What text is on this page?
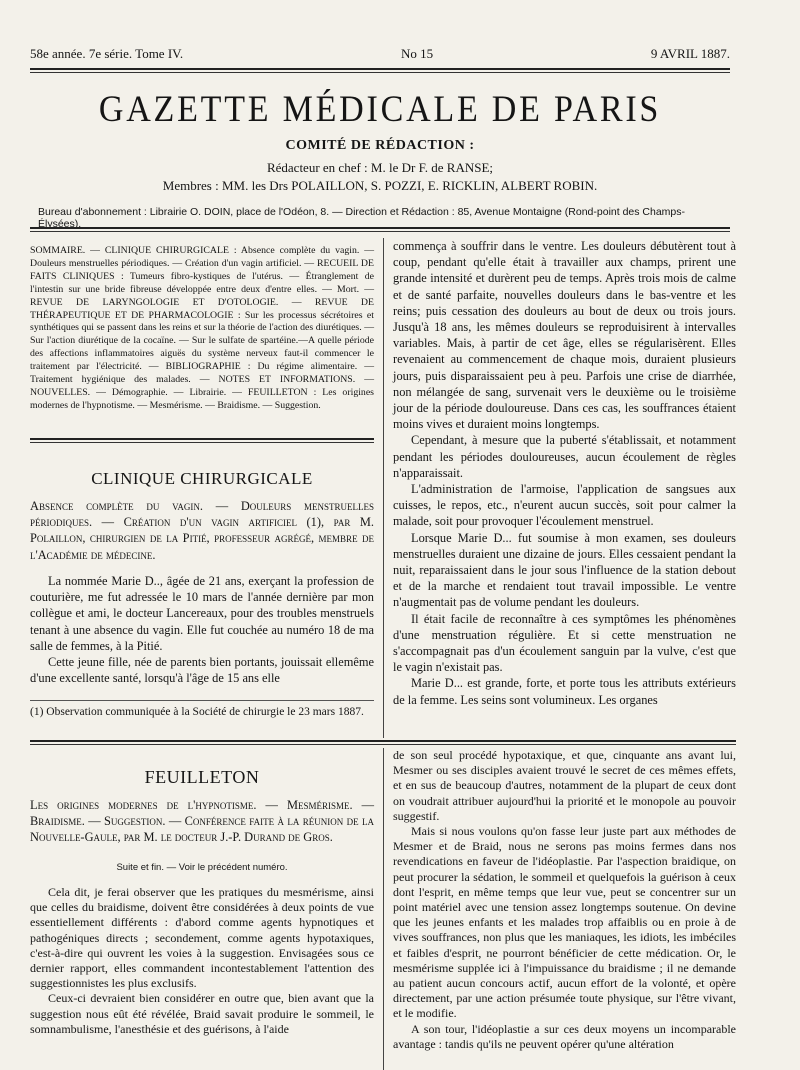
58e année. 7e série. Tome IV.	No 15	9 AVRIL 1887.
GAZETTE MÉDICALE DE PARIS
COMITÉ DE RÉDACTION :
Rédacteur en chef : M. le Dr F. de RANSE;
Membres : MM. les Drs POLAILLON, S. POZZI, E. RICKLIN, ALBERT ROBIN.
Bureau d'abonnement : Librairie O. DOIN, place de l'Odéon, 8. — Direction et Rédaction : 85, Avenue Montaigne (Rond-point des Champs-Élysées).
SOMMAIRE. — CLINIQUE CHIRURGICALE : Absence complète du vagin. — Douleurs menstruelles périodiques. — Création d'un vagin artificiel. — RECUEIL DE FAITS CLINIQUES : Tumeurs fibro-kystiques de l'utérus. — Étranglement de l'intestin sur une bride fibreuse développée entre deux d'entre elles. — Mort. — REVUE DE LARYNGOLOGIE ET D'OTOLOGIE. — REVUE DE THÉRAPEUTIQUE ET DE PHARMACOLOGIE : Sur les processus sécrétoires et synthétiques qui se passent dans les reins et sur la théorie de l'action des diurétiques. — Sur l'action diurétique de la cocaïne. — Sur le sulfate de spartéine.—A quelle période des affections inflammatoires aiguës du système nerveux faut-il commencer le traitement par l'électricité. — BIBLIOGRAPHIE : Du régime alimentaire. — Traitement hygiénique des malades. — NOTES ET INFORMATIONS. — NOUVELLES. — Démographie. — Librairie. — FEUILLETON : Les origines modernes de l'hypnotisme. — Mesmérisme. — Braidisme. — Suggestion.
CLINIQUE CHIRURGICALE
Absence complète du vagin. — Douleurs menstruelles périodiques. — Création d'un vagin artificiel (1), par M. Polaillon, chirurgien de la Pitié, professeur agrégé, membre de l'Académie de médecine.

La nommée Marie D.., âgée de 21 ans, exerçant la profession de couturière, me fut adressée le 10 mars de l'année dernière par mon collègue et ami, le docteur Lancereaux, pour des troubles menstruels tenant à une absence du vagin. Elle fut couchée au numéro 18 de ma salle de femmes, à la Pitié.

Cette jeune fille, née de parents bien portants, jouissait ellemême d'une excellente santé, lorsqu'à l'âge de 15 ans elle

(1) Observation communiquée à la Société de chirurgie le 23 mars 1887.

commença à souffrir dans le ventre. Les douleurs débutèrent tout à coup, pendant qu'elle était à travailler aux champs, prirent une grande intensité et durèrent peu de temps. Après trois mois de calme et de santé parfaite, nouvelles douleurs dans le bas-ventre et les reins; puis cessation des douleurs au bout de deux ou trois jours. Jusqu'à 18 ans, les mêmes douleurs se reproduisirent à intervalles variables. Mais, à partir de cet âge, elles se régularisèrent. Elles revenaient au commencement de chaque mois, duraient plusieurs jours, puis disparaissaient peu à peu. Parfois une crise de diarrhée, non mélangée de sang, survenait vers le deuxième ou le troisième jour de la période douloureuse. Dans ces cas, les souffrances étaient moins vives et duraient moins longtemps.

Cependant, à mesure que la puberté s'établissait, et notamment pendant les périodes douloureuses, aucun écoulement de règles n'apparaissait.

L'administration de l'armoise, l'application de sangsues aux cuisses, le repos, etc., n'eurent aucun succès, soit pour calmer la malade, soit pour provoquer l'écoulement menstruel.

Lorsque Marie D... fut soumise à mon examen, ses douleurs menstruelles duraient une dizaine de jours. Elles cessaient pendant la nuit, reparaissaient dans le jour sous l'influence de la station debout et de la marche et rendaient tout travail impossible. Le ventre n'augmentait pas de volume pendant les douleurs.

Il était facile de reconnaître à ces symptômes les phénomènes d'une menstruation régulière. Et si cette menstruation ne s'accompagnait pas d'un écoulement sanguin par la vulve, c'est que le vagin n'existait pas.

Marie D... est grande, forte, et porte tous les attributs extérieurs de la femme. Les seins sont volumineux. Les organes

FEUILLETON
Les origines modernes de l'hypnotisme. — Mesmérisme. — Braidisme. — Suggestion. — Conférence faite à la réunion de la Nouvelle-Gaule, par M. le docteur J.-P. Durand de Gros.
Suite et fin. — Voir le précédent numéro.

Cela dit, je ferai observer que les pratiques du mesmérisme, ainsi que celles du braidisme, doivent être considérées à deux points de vue essentiellement différents : d'abord comme agents hypnotiques et pathogéniques directs ; secondement, comme agents hypotaxiques, c'est-à-dire qui ouvrent les voies à la suggestion. Envisagées sous ce dernier rapport, elles commandent incontestablement l'attention des suggestionnistes les plus exclusifs.

Ceux-ci devraient bien considérer en outre que, bien avant que la suggestion nous eût été révélée, Braid savait produire le sommeil, le somnambulisme, l'anesthésie et des guérisons, à l'aide

de son seul procédé hypotaxique, et que, cinquante ans avant lui, Mesmer ou ses disciples avaient trouvé le secret de ces mêmes effets, et en sus de beaucoup d'autres, notamment de la plupart de ceux dont on voudrait attribuer aujourd'hui la priorité et le monopole au pouvoir suggestif.

Mais si nous voulons qu'on fasse leur juste part aux méthodes de Mesmer et de Braid, nous ne serons pas moins fermes dans nos revendications en faveur de l'idéoplastie. Par l'aspection braidique, on peut procurer la sédation, le sommeil et quelquefois la guérison à ceux dont l'esprit, en même temps que leur vue, peut se concentrer sur un point matériel avec une tension assez longtemps soutenue. On devine que les jeunes enfants et les malades trop affaiblis ou en proie à de vives souffrances, non plus que les maniaques, les idiots, les imbéciles et faibles d'esprit, ne pourront bénéficier de cette médication. Or, le mesmérisme supplée ici à l'impuissance du braidisme ; il ne demande au patient aucun concours actif, aucun effort de la volonté, et opère directement, par une action présumée toute physique, sur l'être vivant, et le modifie.

A son tour, l'idéoplastie a sur ces deux moyens un incomparable avantage : tandis qu'ils ne peuvent opérer qu'une altération
